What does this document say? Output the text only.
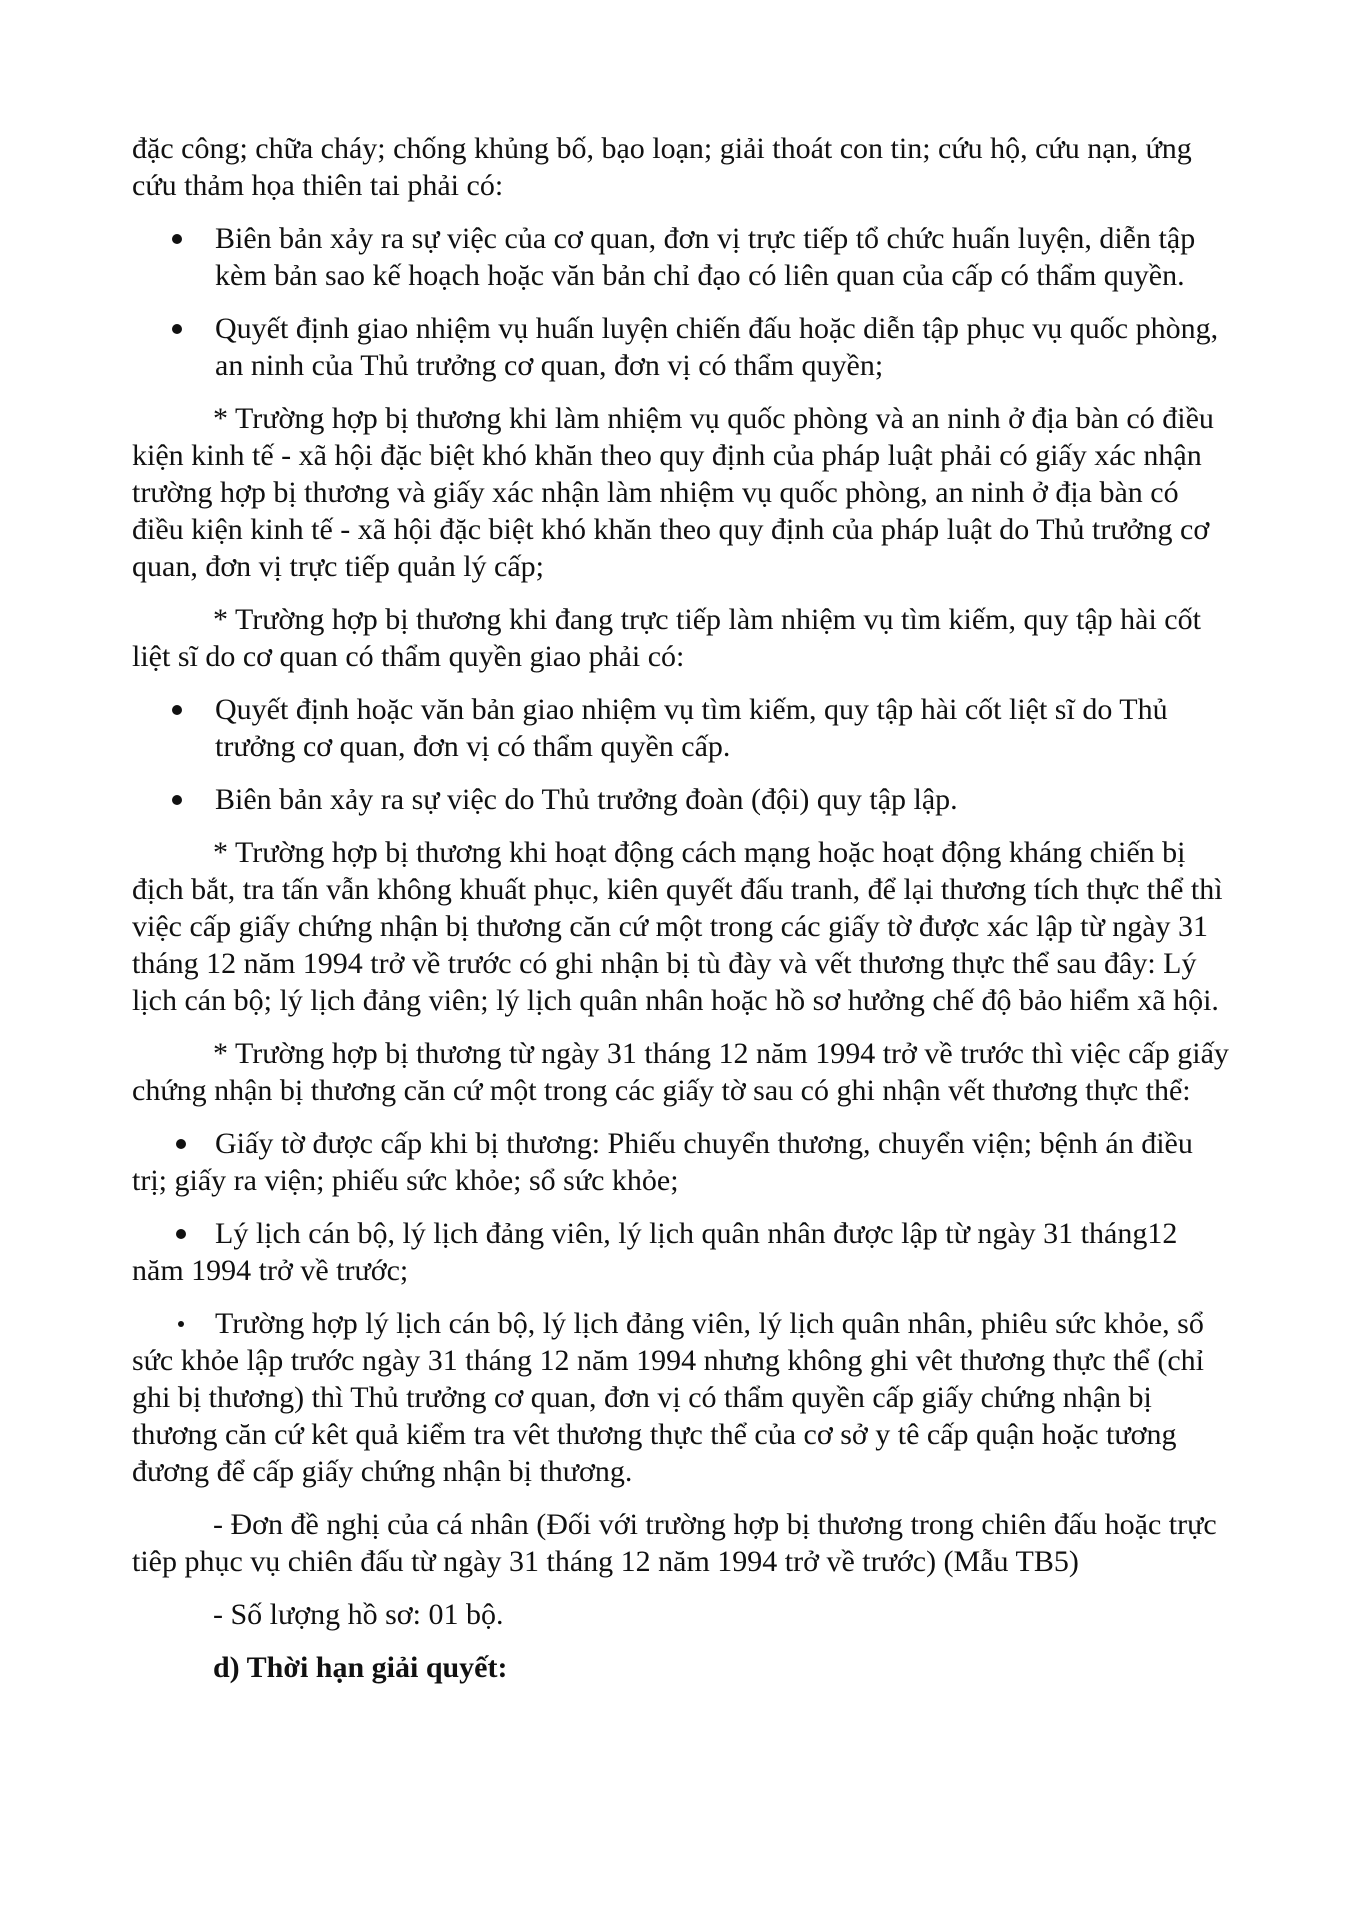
đặc công; chữa cháy; chống khủng bố, bạo loạn; giải thoát con tin; cứu hộ, cứu nạn, ứng cứu thảm họa thiên tai phải có:

Biên bản xảy ra sự việc của cơ quan, đơn vị trực tiếp tổ chức huấn luyện, diễn tập kèm bản sao kế hoạch hoặc văn bản chỉ đạo có liên quan của cấp có thẩm quyền.

Quyết định giao nhiệm vụ huấn luyện chiến đấu hoặc diễn tập phục vụ quốc phòng, an ninh của Thủ trưởng cơ quan, đơn vị có thẩm quyền;

* Trường hợp bị thương khi làm nhiệm vụ quốc phòng và an ninh ở địa bàn có điều kiện kinh tế - xã hội đặc biệt khó khăn theo quy định của pháp luật phải có giấy xác nhận trường hợp bị thương và giấy xác nhận làm nhiệm vụ quốc phòng, an ninh ở địa bàn có điều kiện kinh tế - xã hội đặc biệt khó khăn theo quy định của pháp luật do Thủ trưởng cơ quan, đơn vị trực tiếp quản lý cấp;

* Trường hợp bị thương khi đang trực tiếp làm nhiệm vụ tìm kiếm, quy tập hài cốt liệt sĩ do cơ quan có thẩm quyền giao phải có:

Quyết định hoặc văn bản giao nhiệm vụ tìm kiếm, quy tập hài cốt liệt sĩ do Thủ trưởng cơ quan, đơn vị có thẩm quyền cấp.

Biên bản xảy ra sự việc do Thủ trưởng đoàn (đội) quy tập lập.

* Trường hợp bị thương khi hoạt động cách mạng hoặc hoạt động kháng chiến bị địch bắt, tra tấn vẫn không khuất phục, kiên quyết đấu tranh, để lại thương tích thực thể thì việc cấp giấy chứng nhận bị thương căn cứ một trong các giấy tờ được xác lập từ ngày 31 tháng 12 năm 1994 trở về trước có ghi nhận bị tù đày và vết thương thực thể sau đây: Lý lịch cán bộ; lý lịch đảng viên; lý lịch quân nhân hoặc hồ sơ hưởng chế độ bảo hiểm xã hội.

* Trường hợp bị thương từ ngày 31 tháng 12 năm 1994 trở về trước thì việc cấp giấy chứng nhận bị thương căn cứ một trong các giấy tờ sau có ghi nhận vết thương thực thể:

Giấy tờ được cấp khi bị thương: Phiếu chuyển thương, chuyển viện; bệnh án điều trị; giấy ra viện; phiếu sức khỏe; sổ sức khỏe;
Lý lịch cán bộ, lý lịch đảng viên, lý lịch quân nhân được lập từ ngày 31 tháng12 năm 1994 trở về trước;
Trường hợp lý lịch cán bộ, lý lịch đảng viên, lý lịch quân nhân, phiêu sức khỏe, sổ sức khỏe lập trước ngày 31 tháng 12 năm 1994 nhưng không ghi vêt thương thực thể (chỉ ghi bị thương) thì Thủ trưởng cơ quan, đơn vị có thẩm quyền cấp giấy chứng nhận bị thương căn cứ kêt quả kiểm tra vêt thương thực thể của cơ sở y tê cấp quận hoặc tương đương để cấp giấy chứng nhận bị thương.

- Đơn đề nghị của cá nhân (Đối với trường hợp bị thương trong chiên đấu hoặc trực tiêp phục vụ chiên đấu từ ngày 31 tháng 12 năm 1994 trở về trước) (Mẫu TB5)

- Số lượng hồ sơ: 01 bộ.

d) Thời hạn giải quyết:
